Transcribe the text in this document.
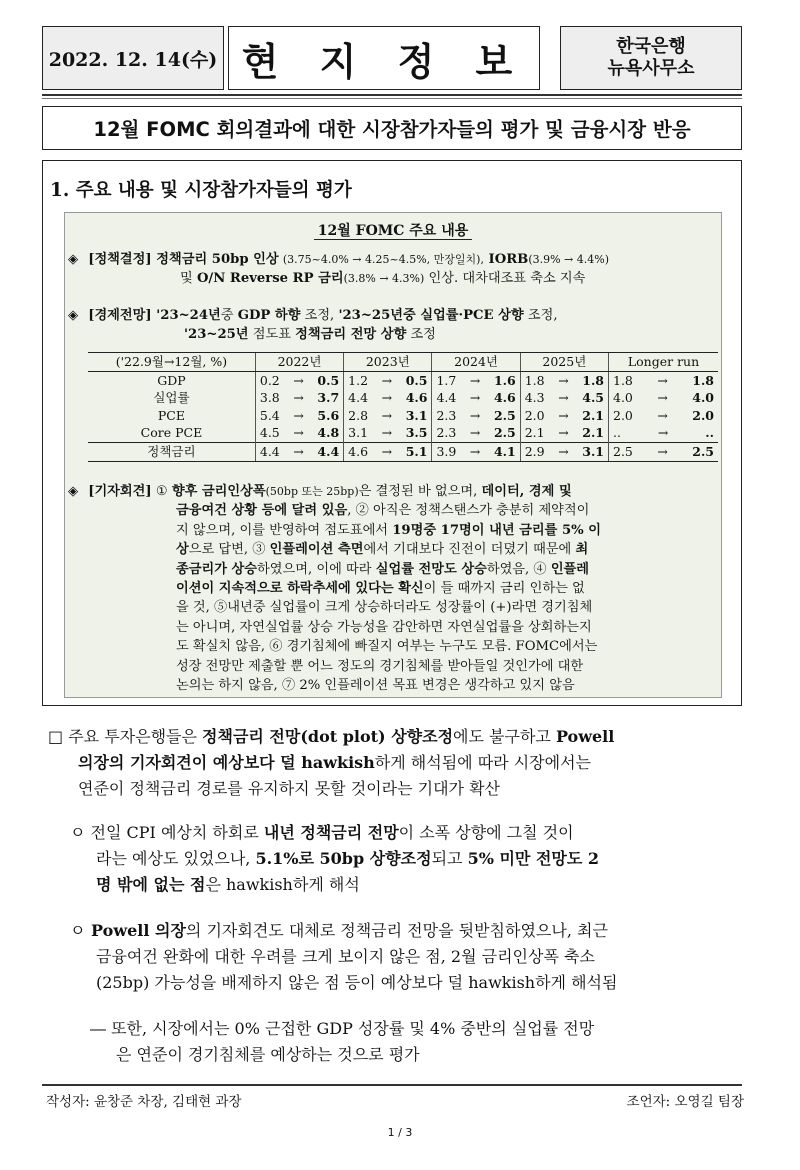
2022. 12. 14(수) 현 지 정 보	한국은행
뉴욕사무소
12월 FOMC 회의결과에 대한 시장참가자들의 평가 및 금융시장 반응
1. 주요 내용 및 시장참가자들의 평가
12월 FOMC 주요 내용
◈ [정책결정] 정책금리 50bp 인상 (3.75~4.0% → 4.25~4.5%, 만장일치), IORB(3.9% → 4.4%)
및 O/N Reverse RP 금리(3.8% → 4.3%) 인상. 대차대조표 축소 지속
◈ [경제전망] '23~24년중 GDP 하향 조정, '23~25년중 실업률·PCE 상향 조정,
'23~25년 점도표 정책금리 전망 상향 조정
('22.9월→12월, %)	2022년	2023년	2024년	2025년	Longer run
GDP	0.2 → 0.5	1.2 → 0.5	1.7 → 1.6	1.8 → 1.8	1.8 → 1.8

실업률	3.8 → 3.7	4.4 → 4.6	4.4 → 4.6	4.3 → 4.5	4.0 → 4.0

PCE	5.4 → 5.6	2.8 → 3.1	2.3 → 2.5	2.0 → 2.1	2.0 → 2.0

Core PCE	4.5 → 4.8	3.1 → 3.5	2.3 → 2.5	2.1 → 2.1	.. → ..

정책금리	4.4 → 4.4	4.6 → 5.1	3.9 → 4.1	2.9 → 3.1	2.5 → 2.5
◈ [기자회견] ① 향후 금리인상폭(50bp 또는 25bp)은 결정된 바 없으며, 데이터, 경제 및
금융여건 상황 등에 달려 있음, ② 아직은 정책스탠스가 충분히 제약적이
지 않으며, 이를 반영하여 점도표에서 19명중 17명이 내년 금리를 5% 이
상으로 답변, ③ 인플레이션 측면에서 기대보다 진전이 더뎠기 때문에 최
종금리가 상승하였으며, 이에 따라 실업률 전망도 상승하였음, ④ 인플레
이션이 지속적으로 하락추세에 있다는 확신이 들 때까지 금리 인하는 없
을 것, ⑤내년중 실업률이 크게 상승하더라도 성장률이 (+)라면 경기침체
는 아니며, 자연실업률 상승 가능성을 감안하면 자연실업률을 상회하는지
도 확실치 않음, ⑥ 경기침체에 빠질지 여부는 누구도 모름. FOMC에서는
성장 전망만 제출할 뿐 어느 정도의 경기침체를 받아들일 것인가에 대한
논의는 하지 않음, ⑦ 2% 인플레이션 목표 변경은 생각하고 있지 않음
□ 주요 투자은행들은 정책금리 전망(dot plot) 상향조정에도 불구하고 Powell
의장의 기자회견이 예상보다 덜 hawkish하게 해석됨에 따라 시장에서는
연준이 정책금리 경로를 유지하지 못할 것이라는 기대가 확산
ㅇ 전일 CPI 예상치 하회로 내년 정책금리 전망이 소폭 상향에 그칠 것이
라는 예상도 있었으나, 5.1%로 50bp 상향조정되고 5% 미만 전망도 2
명 밖에 없는 점은 hawkish하게 해석
ㅇ Powell 의장의 기자회견도 대체로 정책금리 전망을 뒷받침하였으나, 최근
금융여건 완화에 대한 우려를 크게 보이지 않은 점, 2월 금리인상폭 축소
(25bp) 가능성을 배제하지 않은 점 등이 예상보다 덜 hawkish하게 해석됨
― 또한, 시장에서는 0% 근접한 GDP 성장률 및 4% 중반의 실업률 전망
은 연준이 경기침체를 예상하는 것으로 평가
작성자: 윤창준 차장, 김태현 과장	조언자: 오영길 팀장
1 / 3
